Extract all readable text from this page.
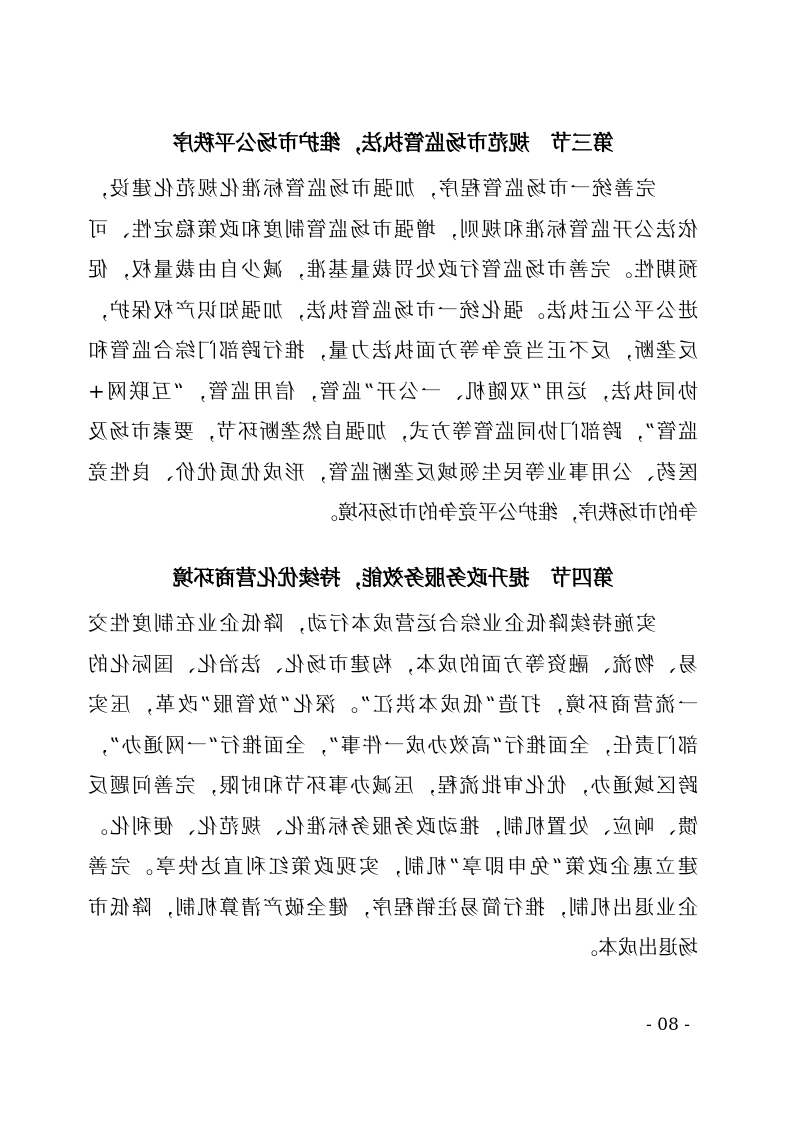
第三节　规范市场监管执法，维护市场公平秩序
完善统一市场监管程序，加强市场监管标准化规范化建设，
依法公开监管标准和规则，增强市场监管制度和政策稳定性、可
预期性。完善市场监管行政处罚裁量基准，减少自由裁量权，促
进公平公正执法。强化统一市场监管执法，加强知识产权保护，
反垄断，反不正当竞争等方面执法力量，推行跨部门综合监管和
协同执法，运用“双随机、一公开”监管，信用监管，“互联网+
监管”，跨部门协同监管等方式，加强自然垄断环节，要素市场及
医药、公用事业等民生领域反垄断监管，形成优质优价、良性竞
争的市场秩序，维护公平竞争的市场环境。
第四节　提升政务服务效能，持续优化营商环境
实施持续降低企业综合运营成本行动，降低企业在制度性交
易、物流、融资等方面的成本，构建市场化、法治化、国际化的
一流营商环境，打造“低成本洪江”。深化“放管服”改革，压实
部门责任，全面推行“高效办成一件事”，全面推行“一网通办”，
跨区域通办，优化审批流程，压减办事环节和时限，完善问题反
馈、响应、处置机制，推动政务服务标准化、规范化、便利化。
建立惠企政策“免申即享”机制，实现政策红利直达快享。完善
企业退出机制，推行简易注销程序，健全破产清算机制，降低市
场退出成本。
- 80 -
